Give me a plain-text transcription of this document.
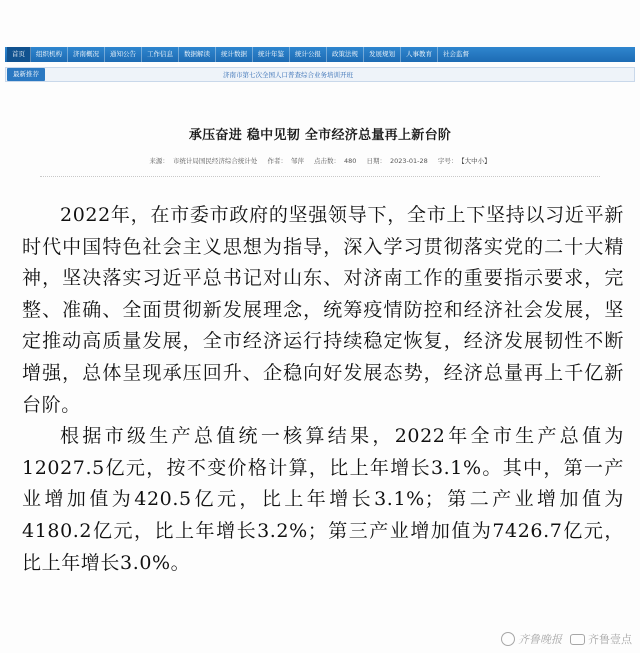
首页	组织机构	济南概况	通知公告	工作信息	数据解读	统计数据	统计年鉴	统计公报	政策法规	发展规划	人事教育	社会监督
最新推荐	济南市第七次全国人口普查综合业务培训开班
承压奋进 稳中见韧 全市经济总量再上新台阶
来源： 市统计局国民经济综合统计处 作者： 邹萍 点击数： 480 日期： 2023-01-28 字号： 【大中小】

2022年，在市委市政府的坚强领导下，全市上下坚持以习近平新时代中国特色社会主义思想为指导，深入学习贯彻落实党的二十大精神，坚决落实习近平总书记对山东、对济南工作的重要指示要求，完整、准确、全面贯彻新发展理念，统筹疫情防控和经济社会发展，坚定推动高质量发展，全市经济运行持续稳定恢复，经济发展韧性不断增强，总体呈现承压回升、企稳向好发展态势，经济总量再上千亿新台阶。

根据市级生产总值统一核算结果，2022年全市生产总值为12027.5亿元，按不变价格计算，比上年增长3.1%。其中，第一产业增加值为420.5亿元，比上年增长3.1%；第二产业增加值为4180.2亿元，比上年增长3.2%；第三产业增加值为7426.7亿元，比上年增长3.0%。

齐鲁晚报 齐鲁壹点
